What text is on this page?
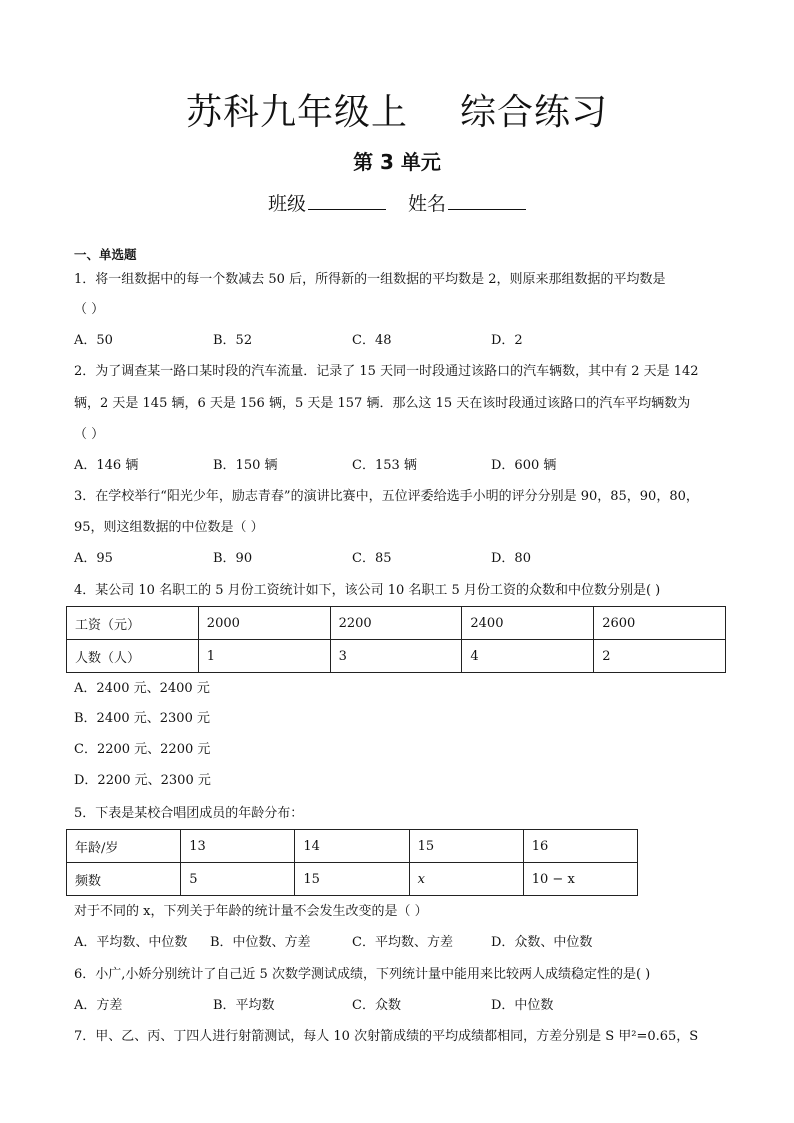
苏科九年级上 综合练习
第 3 单元
班级	姓名
一、单选题
1．将一组数据中的每一个数减去 50 后，所得新的一组数据的平均数是 2，则原来那组数据的平均数是
（ ）
A．50	B．52	C．48	D．2
2．为了调查某一路口某时段的汽车流量．记录了 15 天同一时段通过该路口的汽车辆数，其中有 2 天是 142
辆，2 天是 145 辆，6 天是 156 辆，5 天是 157 辆．那么这 15 天在该时段通过该路口的汽车平均辆数为
（ ）
A．146 辆	B．150 辆	C．153 辆	D．600 辆
3．在学校举行“阳光少年，励志青春”的演讲比赛中，五位评委给选手小明的评分分别是 90，85，90，80，
95，则这组数据的中位数是（ ）
A．95	B．90	C．85	D．80
4．某公司 10 名职工的 5 月份工资统计如下，该公司 10 名职工 5 月份工资的众数和中位数分别是( )
工资（元）	2000	2200	2400	2600
人数（人）	1	3	4	2
A．2400 元、2400 元
B．2400 元、2300 元
C．2200 元、2200 元
D．2200 元、2300 元
5．下表是某校合唱团成员的年龄分布：
年龄/岁	13	14	15	16
频数	5	15	x	10 − x
对于不同的 x，下列关于年龄的统计量不会发生改变的是（ ）
A．平均数、中位数 B．中位数、方差	C．平均数、方差	D．众数、中位数
6．小广,小娇分别统计了自己近 5 次数学测试成绩，下列统计量中能用来比较两人成绩稳定性的是( )
A．方差	B．平均数	C．众数	D．中位数
7．甲、乙、丙、丁四人进行射箭测试，每人 10 次射箭成绩的平均成绩都相同，方差分别是 S 甲²=0.65，S
